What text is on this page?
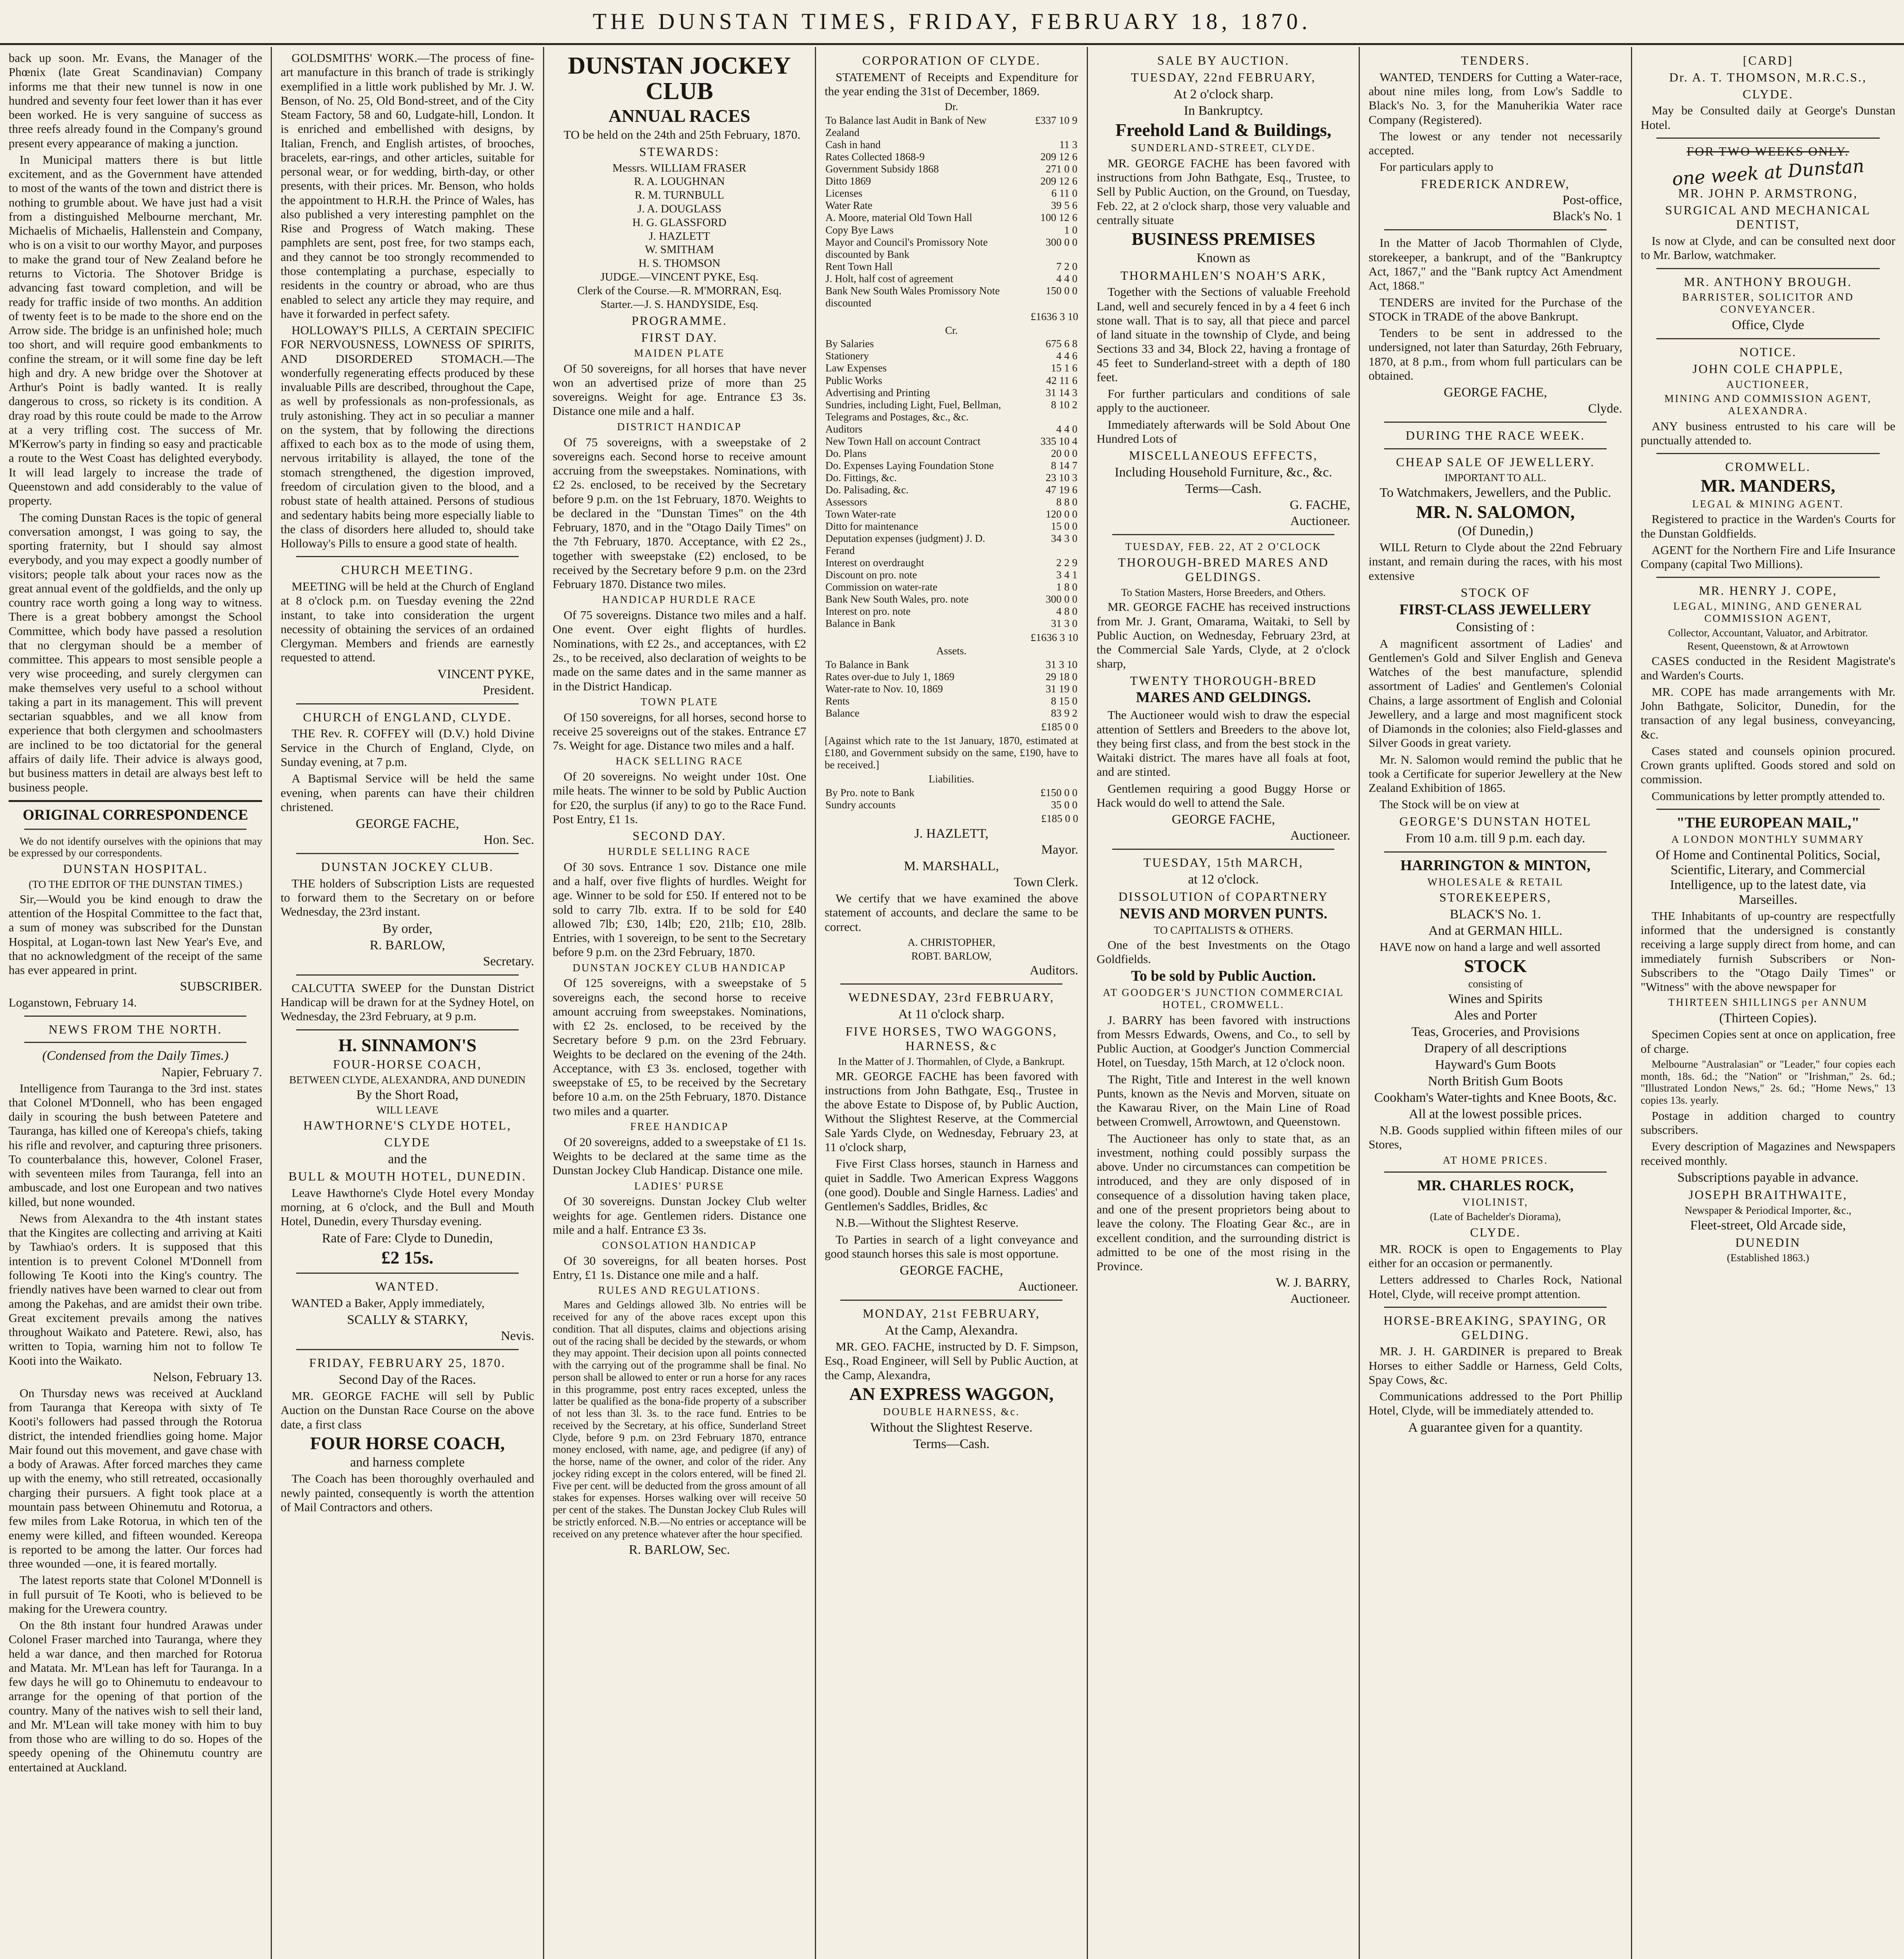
THE DUNSTAN TIMES, FRIDAY, FEBRUARY 18, 1870.

back up soon. Mr. Evans, the Manager of the Phœnix (late Great Scandinavian) Company informs me that their new tunnel is now in one hundred and seventy four feet lower than it has ever been worked. He is very sanguine of success as three reefs already found in the Company's ground present every appearance of making a junction.

In Municipal matters there is but little excitement, and as the Government have attended to most of the wants of the town and district there is nothing to grumble about. We have just had a visit from a distinguished Melbourne merchant, Mr. Michaelis of Michaelis, Hallenstein and Company, who is on a visit to our worthy Mayor, and purposes to make the grand tour of New Zealand before he returns to Victoria. The Shotover Bridge is advancing fast toward completion, and will be ready for traffic inside of two months. An addition of twenty feet is to be made to the shore end on the Arrow side. The bridge is an unfinished hole; much too short, and will require good embankments to confine the stream, or it will some fine day be left high and dry. A new bridge over the Shotover at Arthur's Point is badly wanted. It is really dangerous to cross, so rickety is its condition. A dray road by this route could be made to the Arrow at a very trifling cost. The success of Mr. M'Kerrow's party in finding so easy and practicable a route to the West Coast has delighted everybody. It will lead largely to increase the trade of Queenstown and add considerably to the value of property.

The coming Dunstan Races is the topic of general conversation amongst, I was going to say, the sporting fraternity, but I should say almost everybody, and you may expect a goodly number of visitors; people talk about your races now as the great annual event of the goldfields, and the only up country race worth going a long way to witness. There is a great bobbery amongst the School Committee, which body have passed a resolution that no clergyman should be a member of committee. This appears to most sensible people a very wise proceeding, and surely clergymen can make themselves very useful to a school without taking a part in its management. This will prevent sectarian squabbles, and we all know from experience that both clergymen and schoolmasters are inclined to be too dictatorial for the general affairs of daily life. Their advice is always good, but business matters in detail are always best left to business people.

ORIGINAL CORRESPONDENCE

We do not identify ourselves with the opinions that may be expressed by our correspondents.

DUNSTAN HOSPITAL.
(TO THE EDITOR OF THE DUNSTAN TIMES.)

Sir,—Would you be kind enough to draw the attention of the Hospital Committee to the fact that, a sum of money was subscribed for the Dunstan Hospital, at Logan-town last New Year's Eve, and that no acknowledgment of the receipt of the same has ever appeared in print.

SUBSCRIBER.

Loganstown, February 14.

NEWS FROM THE NORTH.
(Condensed from the Daily Times.)
Napier, February 7.

Intelligence from Tauranga to the 3rd inst. states that Colonel M'Donnell, who has been engaged daily in scouring the bush between Patetere and Tauranga, has killed one of Kereopa's chiefs, taking his rifle and revolver, and capturing three prisoners. To counterbalance this, however, Colonel Fraser, with seventeen miles from Tauranga, fell into an ambuscade, and lost one European and two natives killed, but none wounded.

News from Alexandra to the 4th instant states that the Kingites are collecting and arriving at Kaiti by Tawhiao's orders. It is supposed that this intention is to prevent Colonel M'Donnell from following Te Kooti into the King's country. The friendly natives have been warned to clear out from among the Pakehas, and are amidst their own tribe. Great excitement prevails among the natives throughout Waikato and Patetere. Rewi, also, has written to Topia, warning him not to follow Te Kooti into the Waikato.

Nelson, February 13.

On Thursday news was received at Auckland from Tauranga that Kereopa with sixty of Te Kooti's followers had passed through the Rotorua district, the intended friendlies going home. Major Mair found out this movement, and gave chase with a body of Arawas. After forced marches they came up with the enemy, who still retreated, occasionally charging their pursuers. A fight took place at a mountain pass between Ohinemutu and Rotorua, a few miles from Lake Rotorua, in which ten of the enemy were killed, and fifteen wounded. Kereopa is reported to be among the latter. Our forces had three wounded —one, it is feared mortally.

The latest reports state that Colonel M'Donnell is in full pursuit of Te Kooti, who is believed to be making for the Urewera country.

On the 8th instant four hundred Arawas under Colonel Fraser marched into Tauranga, where they held a war dance, and then marched for Rotorua and Matata. Mr. M'Lean has left for Tauranga. In a few days he will go to Ohinemutu to endeavour to arrange for the opening of that portion of the country. Many of the natives wish to sell their land, and Mr. M'Lean will take money with him to buy from those who are willing to do so. Hopes of the speedy opening of the Ohinemutu country are entertained at Auckland.

GOLDSMITHS' WORK.—The process of fine-art manufacture in this branch of trade is strikingly exemplified in a little work published by Mr. J. W. Benson, of No. 25, Old Bond-street, and of the City Steam Factory, 58 and 60, Ludgate-hill, London. It is enriched and embellished with designs, by Italian, French, and English artistes, of brooches, bracelets, ear-rings, and other articles, suitable for personal wear, or for wedding, birth-day, or other presents, with their prices. Mr. Benson, who holds the appointment to H.R.H. the Prince of Wales, has also published a very interesting pamphlet on the Rise and Progress of Watch making. These pamphlets are sent, post free, for two stamps each, and they cannot be too strongly recommended to those contemplating a purchase, especially to residents in the country or abroad, who are thus enabled to select any article they may require, and have it forwarded in perfect safety.

HOLLOWAY'S PILLS, A CERTAIN SPECIFIC FOR NERVOUSNESS, LOWNESS OF SPIRITS, AND DISORDERED STOMACH.—The wonderfully regenerating effects produced by these invaluable Pills are described, throughout the Cape, as well by professionals as non-professionals, as truly astonishing. They act in so peculiar a manner on the system, that by following the directions affixed to each box as to the mode of using them, nervous irritability is allayed, the tone of the stomach strengthened, the digestion improved, freedom of circulation given to the blood, and a robust state of health attained. Persons of studious and sedentary habits being more especially liable to the class of disorders here alluded to, should take Holloway's Pills to ensure a good state of health.

CHURCH MEETING.

MEETING will be held at the Church of England at 8 o'clock p.m. on Tuesday evening the 22nd instant, to take into consideration the urgent necessity of obtaining the services of an ordained Clergyman. Members and friends are earnestly requested to attend.

VINCENT PYKE,
President.
CHURCH of ENGLAND, CLYDE.

THE Rev. R. COFFEY will (D.V.) hold Divine Service in the Church of England, Clyde, on Sunday evening, at 7 p.m.

A Baptismal Service will be held the same evening, when parents can have their children christened.

GEORGE FACHE,
Hon. Sec.
DUNSTAN JOCKEY CLUB.

THE holders of Subscription Lists are requested to forward them to the Secretary on or before Wednesday, the 23rd instant.

By order,
R. BARLOW,
Secretary.

CALCUTTA SWEEP for the Dunstan District Handicap will be drawn for at the Sydney Hotel, on Wednesday, the 23rd February, at 9 p.m.

H. SINNAMON'S
FOUR-HORSE COACH,
BETWEEN CLYDE, ALEXANDRA, AND DUNEDIN
By the Short Road,
WILL LEAVE
HAWTHORNE'S CLYDE HOTEL,
CLYDE
and the
BULL & MOUTH HOTEL, DUNEDIN.

Leave Hawthorne's Clyde Hotel every Monday morning, at 6 o'clock, and the Bull and Mouth Hotel, Dunedin, every Thursday evening.

Rate of Fare: Clyde to Dunedin,
£2 15s.
WANTED.

WANTED a Baker, Apply immediately,

SCALLY & STARKY,
Nevis.
FRIDAY, FEBRUARY 25, 1870.
Second Day of the Races.

MR. GEORGE FACHE will sell by Public Auction on the Dunstan Race Course on the above date, a first class

FOUR HORSE COACH,
and harness complete

The Coach has been thoroughly overhauled and newly painted, consequently is worth the attention of Mail Contractors and others.

DUNSTAN JOCKEY CLUB
ANNUAL RACES

TO be held on the 24th and 25th February, 1870.

STEWARDS:
Messrs. WILLIAM FRASER
R. A. LOUGHNAN
R. M. TURNBULL
J. A. DOUGLASS
H. G. GLASSFORD
J. HAZLETT
W. SMITHAM
H. S. THOMSON
JUDGE.—VINCENT PYKE, Esq.
Clerk of the Course.—R. M'MORRAN, Esq.
Starter.—J. S. HANDYSIDE, Esq.
PROGRAMME.
FIRST DAY.
MAIDEN PLATE

Of 50 sovereigns, for all horses that have never won an advertised prize of more than 25 sovereigns. Weight for age. Entrance £3 3s. Distance one mile and a half.

DISTRICT HANDICAP

Of 75 sovereigns, with a sweepstake of 2 sovereigns each. Second horse to receive amount accruing from the sweepstakes. Nominations, with £2 2s. enclosed, to be received by the Secretary before 9 p.m. on the 1st February, 1870. Weights to be declared in the "Dunstan Times" on the 4th February, 1870, and in the "Otago Daily Times" on the 7th February, 1870. Acceptance, with £2 2s., together with sweepstake (£2) enclosed, to be received by the Secretary before 9 p.m. on the 23rd February 1870. Distance two miles.

HANDICAP HURDLE RACE

Of 75 sovereigns. Distance two miles and a half. One event. Over eight flights of hurdles. Nominations, with £2 2s., and acceptances, with £2 2s., to be received, also declaration of weights to be made on the same dates and in the same manner as in the District Handicap.

TOWN PLATE

Of 150 sovereigns, for all horses, second horse to receive 25 sovereigns out of the stakes. Entrance £7 7s. Weight for age. Distance two miles and a half.

HACK SELLING RACE

Of 20 sovereigns. No weight under 10st. One mile heats. The winner to be sold by Public Auction for £20, the surplus (if any) to go to the Race Fund. Post Entry, £1 1s.

SECOND DAY.
HURDLE SELLING RACE

Of 30 sovs. Entrance 1 sov. Distance one mile and a half, over five flights of hurdles. Weight for age. Winner to be sold for £50. If entered not to be sold to carry 7lb. extra. If to be sold for £40 allowed 7lb; £30, 14lb; £20, 21lb; £10, 28lb. Entries, with 1 sovereign, to be sent to the Secretary before 9 p.m. on the 23rd February, 1870.

DUNSTAN JOCKEY CLUB HANDICAP

Of 125 sovereigns, with a sweepstake of 5 sovereigns each, the second horse to receive amount accruing from sweepstakes. Nominations, with £2 2s. enclosed, to be received by the Secretary before 9 p.m. on the 23rd February. Weights to be declared on the evening of the 24th. Acceptance, with £3 3s. enclosed, together with sweepstake of £5, to be received by the Secretary before 10 a.m. on the 25th February, 1870. Distance two miles and a quarter.

FREE HANDICAP

Of 20 sovereigns, added to a sweepstake of £1 1s. Weights to be declared at the same time as the Dunstan Jockey Club Handicap. Distance one mile.

LADIES' PURSE

Of 30 sovereigns. Dunstan Jockey Club welter weights for age. Gentlemen riders. Distance one mile and a half. Entrance £3 3s.

CONSOLATION HANDICAP

Of 30 sovereigns, for all beaten horses. Post Entry, £1 1s. Distance one mile and a half.

RULES AND REGULATIONS.

Mares and Geldings allowed 3lb. No entries will be received for any of the above races except upon this condition. That all disputes, claims and objections arising out of the racing shall be decided by the stewards, or whom they may appoint. Their decision upon all points connected with the carrying out of the programme shall be final. No person shall be allowed to enter or run a horse for any races in this programme, post entry races excepted, unless the latter be qualified as the bona-fide property of a subscriber of not less than 3l. 3s. to the race fund. Entries to be received by the Secretary, at his office, Sunderland Street Clyde, before 9 p.m. on 23rd February 1870, entrance money enclosed, with name, age, and pedigree (if any) of the horse, name of the owner, and color of the rider. Any jockey riding except in the colors entered, will be fined 2l. Five per cent. will be deducted from the gross amount of all stakes for expenses. Horses walking over will receive 50 per cent of the stakes. The Dunstan Jockey Club Rules will be strictly enforced. N.B.—No entries or acceptance will be received on any pretence whatever after the hour specified.

R. BARLOW, Sec.
CORPORATION OF CLYDE.

STATEMENT of Receipts and Expenditure for the year ending the 31st of December, 1869.

Dr.
To Balance last Audit in Bank of New Zealand	£337 10 9
Cash in hand	11 3
Rates Collected 1868-9	209 12 6
Government Subsidy 1868	271 0 0
Ditto 1869	209 12 6
Licenses	6 11 0
Water Rate	39 5 6
A. Moore, material Old Town Hall	100 12 6
Copy Bye Laws	1 0
Mayor and Council's Promissory Note discounted by Bank	300 0 0
Rent Town Hall	7 2 0
J. Holt, half cost of agreement	4 4 0
Bank New South Wales Promissory Note discounted	150 0 0
£1636 3 10
Cr.
By Salaries	675 6 8
Stationery	4 4 6
Law Expenses	15 1 6
Public Works	42 11 6
Advertising and Printing	31 14 3
Sundries, including Light, Fuel, Bellman, Telegrams and Postages, &c., &c.	8 10 2
Auditors	4 4 0
New Town Hall on account Contract	335 10 4
Do. Plans	20 0 0
Do. Expenses Laying Foundation Stone	8 14 7
Do. Fittings, &c.	23 10 3
Do. Palisading, &c.	47 19 6
Assessors	8 8 0
Town Water-rate	120 0 0
Ditto for maintenance	15 0 0
Deputation expenses (judgment) J. D. Ferand	34 3 0
Interest on overdraught	2 2 9
Discount on pro. note	3 4 1
Commission on water-rate	1 8 0
Bank New South Wales, pro. note	300 0 0
Interest on pro. note	4 8 0
Balance in Bank	31 3 0
£1636 3 10
Assets.
To Balance in Bank	31 3 10
Rates over-due to July 1, 1869	29 18 0
Water-rate to Nov. 10, 1869	31 19 0
Rents	8 15 0
Balance	83 9 2
£185 0 0

[Against which rate to the 1st January, 1870, estimated at £180, and Government subsidy on the same, £190, have to be received.]

Liabilities.
By Pro. note to Bank	£150 0 0
Sundry accounts	35 0 0
£185 0 0
J. HAZLETT,
Mayor.
M. MARSHALL,
Town Clerk.

We certify that we have examined the above statement of accounts, and declare the same to be correct.

A. CHRISTOPHER,
ROBT. BARLOW,
Auditors.
WEDNESDAY, 23rd FEBRUARY,
At 11 o'clock sharp.
FIVE HORSES, TWO WAGGONS, HARNESS, &c
In the Matter of J. Thormahlen, of Clyde, a Bankrupt.

MR. GEORGE FACHE has been favored with instructions from John Bathgate, Esq., Trustee in the above Estate to Dispose of, by Public Auction, Without the Slightest Reserve, at the Commercial Sale Yards Clyde, on Wednesday, February 23, at 11 o'clock sharp,

Five First Class horses, staunch in Harness and quiet in Saddle. Two American Express Waggons (one good). Double and Single Harness. Ladies' and Gentlemen's Saddles, Bridles, &c

N.B.—Without the Slightest Reserve.

To Parties in search of a light conveyance and good staunch horses this sale is most opportune.

GEORGE FACHE,
Auctioneer.
MONDAY, 21st FEBRUARY,
At the Camp, Alexandra.

MR. GEO. FACHE, instructed by D. F. Simpson, Esq., Road Engineer, will Sell by Public Auction, at the Camp, Alexandra,

AN EXPRESS WAGGON,
DOUBLE HARNESS, &c.
Without the Slightest Reserve.
Terms—Cash.
SALE BY AUCTION.
TUESDAY, 22nd FEBRUARY,
At 2 o'clock sharp.
In Bankruptcy.
Freehold Land & Buildings,
SUNDERLAND-STREET, CLYDE.

MR. GEORGE FACHE has been favored with instructions from John Bathgate, Esq., Trustee, to Sell by Public Auction, on the Ground, on Tuesday, Feb. 22, at 2 o'clock sharp, those very valuable and centrally situate

BUSINESS PREMISES
Known as
THORMAHLEN'S NOAH'S ARK,

Together with the Sections of valuable Freehold Land, well and securely fenced in by a 4 feet 6 inch stone wall. That is to say, all that piece and parcel of land situate in the township of Clyde, and being Sections 33 and 34, Block 22, having a frontage of 45 feet to Sunderland-street with a depth of 180 feet.

For further particulars and conditions of sale apply to the auctioneer.

Immediately afterwards will be Sold About One Hundred Lots of

MISCELLANEOUS EFFECTS,
Including Household Furniture, &c., &c.
Terms—Cash.
G. FACHE,
Auctioneer.
TUESDAY, FEB. 22, AT 2 O'CLOCK
THOROUGH-BRED MARES AND GELDINGS.
To Station Masters, Horse Breeders, and Others.

MR. GEORGE FACHE has received instructions from Mr. J. Grant, Omarama, Waitaki, to Sell by Public Auction, on Wednesday, February 23rd, at the Commercial Sale Yards, Clyde, at 2 o'clock sharp,

TWENTY THOROUGH-BRED
MARES AND GELDINGS.

The Auctioneer would wish to draw the especial attention of Settlers and Breeders to the above lot, they being first class, and from the best stock in the Waitaki district. The mares have all foals at foot, and are stinted.

Gentlemen requiring a good Buggy Horse or Hack would do well to attend the Sale.

GEORGE FACHE,
Auctioneer.
TUESDAY, 15th MARCH,
at 12 o'clock.
DISSOLUTION of COPARTNERY
NEVIS AND MORVEN PUNTS.
TO CAPITALISTS & OTHERS.

One of the best Investments on the Otago Goldfields.

To be sold by Public Auction.
AT GOODGER'S JUNCTION COMMERCIAL HOTEL, CROMWELL.

J. BARRY has been favored with instructions from Messrs Edwards, Owens, and Co., to sell by Public Auction, at Goodger's Junction Commercial Hotel, on Tuesday, 15th March, at 12 o'clock noon.

The Right, Title and Interest in the well known Punts, known as the Nevis and Morven, situate on the Kawarau River, on the Main Line of Road between Cromwell, Arrowtown, and Queenstown.

The Auctioneer has only to state that, as an investment, nothing could possibly surpass the above. Under no circumstances can competition be introduced, and they are only disposed of in consequence of a dissolution having taken place, and one of the present proprietors being about to leave the colony. The Floating Gear &c., are in excellent condition, and the surrounding district is admitted to be one of the most rising in the Province.

W. J. BARRY,
Auctioneer.
TENDERS.

WANTED, TENDERS for Cutting a Water-race, about nine miles long, from Low's Saddle to Black's No. 3, for the Manuherikia Water race Company (Registered).

The lowest or any tender not necessarily accepted.

For particulars apply to

FREDERICK ANDREW,
Post-office,
Black's No. 1

In the Matter of Jacob Thormahlen of Clyde, storekeeper, a bankrupt, and of the "Bankruptcy Act, 1867," and the "Bank ruptcy Act Amendment Act, 1868."

TENDERS are invited for the Purchase of the STOCK in TRADE of the above Bankrupt.

Tenders to be sent in addressed to the undersigned, not later than Saturday, 26th February, 1870, at 8 p.m., from whom full particulars can be obtained.

GEORGE FACHE,
Clyde.
DURING THE RACE WEEK.
CHEAP SALE OF JEWELLERY.
IMPORTANT TO ALL.
To Watchmakers, Jewellers, and the Public.
MR. N. SALOMON,
(Of Dunedin,)

WILL Return to Clyde about the 22nd February instant, and remain during the races, with his most extensive

STOCK OF
FIRST-CLASS JEWELLERY
Consisting of :

A magnificent assortment of Ladies' and Gentlemen's Gold and Silver English and Geneva Watches of the best manufacture, splendid assortment of Ladies' and Gentlemen's Colonial Chains, a large assortment of English and Colonial Jewellery, and a large and most magnificent stock of Diamonds in the colonies; also Field-glasses and Silver Goods in great variety.

Mr. N. Salomon would remind the public that he took a Certificate for superior Jewellery at the New Zealand Exhibition of 1865.

The Stock will be on view at

GEORGE'S DUNSTAN HOTEL
From 10 a.m. till 9 p.m. each day.
HARRINGTON & MINTON,
WHOLESALE & RETAIL
STOREKEEPERS,
BLACK'S No. 1.
And at GERMAN HILL.

HAVE now on hand a large and well assorted

STOCK
consisting of
Wines and Spirits
Ales and Porter
Teas, Groceries, and Provisions
Drapery of all descriptions
Hayward's Gum Boots
North British Gum Boots
Cookham's Water-tights and Knee Boots, &c.
All at the lowest possible prices.

N.B. Goods supplied within fifteen miles of our Stores,

AT HOME PRICES.
MR. CHARLES ROCK,
VIOLINIST,
(Late of Bachelder's Diorama),
CLYDE.

MR. ROCK is open to Engagements to Play either for an occasion or permanently.

Letters addressed to Charles Rock, National Hotel, Clyde, will receive prompt attention.

HORSE-BREAKING, SPAYING, OR GELDING.

MR. J. H. GARDINER is prepared to Break Horses to either Saddle or Harness, Geld Colts, Spay Cows, &c.

Communications addressed to the Port Phillip Hotel, Clyde, will be immediately attended to.

A guarantee given for a quantity.
[CARD]
Dr. A. T. THOMSON, M.R.C.S.,
CLYDE.

May be Consulted daily at George's Dunstan Hotel.

FOR TWO WEEKS ONLY.
one week at Dunstan
MR. JOHN P. ARMSTRONG,
SURGICAL AND MECHANICAL DENTIST,

Is now at Clyde, and can be consulted next door to Mr. Barlow, watchmaker.

MR. ANTHONY BROUGH.
BARRISTER, SOLICITOR AND CONVEYANCER.
Office, Clyde
NOTICE.
JOHN COLE CHAPPLE,
AUCTIONEER,
MINING AND COMMISSION AGENT, ALEXANDRA.

ANY business entrusted to his care will be punctually attended to.

CROMWELL.
MR. MANDERS,
LEGAL & MINING AGENT.

Registered to practice in the Warden's Courts for the Dunstan Goldfields.

AGENT for the Northern Fire and Life Insurance Company (capital Two Millions).

MR. HENRY J. COPE,
LEGAL, MINING, AND GENERAL COMMISSION AGENT,
Collector, Accountant, Valuator, and Arbitrator.
Resent, Queenstown, & at Arrowtown

CASES conducted in the Resident Magistrate's and Warden's Courts.

MR. COPE has made arrangements with Mr. John Bathgate, Solicitor, Dunedin, for the transaction of any legal business, conveyancing, &c.

Cases stated and counsels opinion procured. Crown grants uplifted. Goods stored and sold on commission.

Communications by letter promptly attended to.

"THE EUROPEAN MAIL,"
A LONDON MONTHLY SUMMARY
Of Home and Continental Politics, Social, Scientific, Literary, and Commercial Intelligence, up to the latest date, via Marseilles.

THE Inhabitants of up-country are respectfully informed that the undersigned is constantly receiving a large supply direct from home, and can immediately furnish Subscribers or Non-Subscribers to the "Otago Daily Times" or "Witness" with the above newspaper for

THIRTEEN SHILLINGS per ANNUM
(Thirteen Copies).

Specimen Copies sent at once on application, free of charge.

Melbourne "Australasian" or "Leader," four copies each month, 18s. 6d.; the "Nation" or "Irishman," 2s. 6d.; "Illustrated London News," 2s. 6d.; "Home News," 13 copies 13s. yearly.

Postage in addition charged to country subscribers.

Every description of Magazines and Newspapers received monthly.

Subscriptions payable in advance.
JOSEPH BRAITHWAITE,
Newspaper & Periodical Importer, &c.,
Fleet-street, Old Arcade side,
DUNEDIN
(Established 1863.)
